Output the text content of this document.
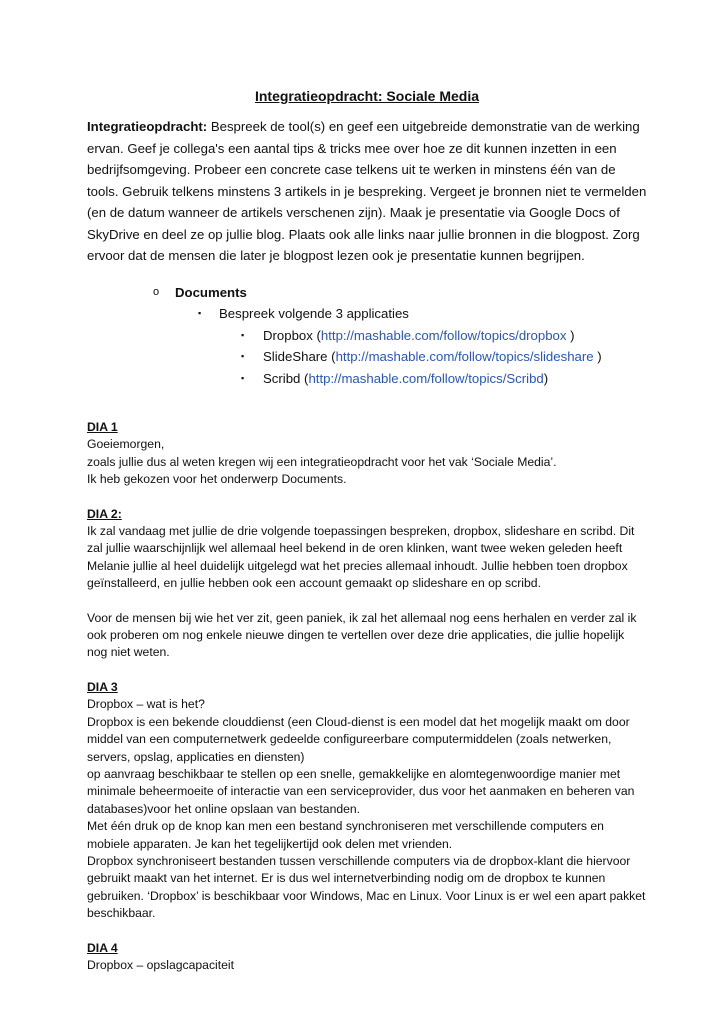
Integratieopdracht: Sociale Media

Integratieopdracht: Bespreek de tool(s) en geef een uitgebreide demonstratie van de werking ervan. Geef je collega's een aantal tips & tricks mee over hoe ze dit kunnen inzetten in een bedrijfsomgeving. Probeer een concrete case telkens uit te werken in minstens één van de tools. Gebruik telkens minstens 3 artikels in je bespreking. Vergeet je bronnen niet te vermelden (en de datum wanneer de artikels verschenen zijn). Maak je presentatie via Google Docs of SkyDrive en deel ze op jullie blog. Plaats ook alle links naar jullie bronnen in die blogpost. Zorg ervoor dat de mensen die later je blogpost lezen ook je presentatie kunnen begrijpen.

o Documents
▪ Bespreek volgende 3 applicaties
▪ Dropbox (http://mashable.com/follow/topics/dropbox )
▪ SlideShare (http://mashable.com/follow/topics/slideshare )
▪ Scribd (http://mashable.com/follow/topics/Scribd)
DIA 1
Goeiemorgen,
zoals jullie dus al weten kregen wij een integratieopdracht voor het vak ‘Sociale Media’.
Ik heb gekozen voor het onderwerp Documents.
DIA 2:

Ik zal vandaag met jullie de drie volgende toepassingen bespreken, dropbox, slideshare en scribd. Dit zal jullie waarschijnlijk wel allemaal heel bekend in de oren klinken, want twee weken geleden heeft Melanie jullie al heel duidelijk uitgelegd wat het precies allemaal inhoudt. Jullie hebben toen dropbox geïnstalleerd, en jullie hebben ook een account gemaakt op slideshare en op scribd.

Voor de mensen bij wie het ver zit, geen paniek, ik zal het allemaal nog eens herhalen en verder zal ik ook proberen om nog enkele nieuwe dingen te vertellen over deze drie applicaties, die jullie hopelijk nog niet weten.

DIA 3
Dropbox – wat is het?

Dropbox is een bekende clouddienst (een Cloud-dienst is een model dat het mogelijk maakt om door middel van een computernetwerk gedeelde configureerbare computermiddelen (zoals netwerken, servers, opslag, applicaties en diensten)

op aanvraag beschikbaar te stellen op een snelle, gemakkelijke en alomtegenwoordige manier met minimale beheermoeite of interactie van een serviceprovider, dus voor het aanmaken en beheren van databases)voor het online opslaan van bestanden.

Met één druk op de knop kan men een bestand synchroniseren met verschillende computers en mobiele apparaten. Je kan het tegelijkertijd ook delen met vrienden.

Dropbox synchroniseert bestanden tussen verschillende computers via de dropbox-klant die hiervoor gebruikt maakt van het internet. Er is dus wel internetverbinding nodig om de dropbox te kunnen gebruiken. ‘Dropbox’ is beschikbaar voor Windows, Mac en Linux. Voor Linux is er wel een apart pakket beschikbaar.

DIA 4
Dropbox – opslagcapaciteit
